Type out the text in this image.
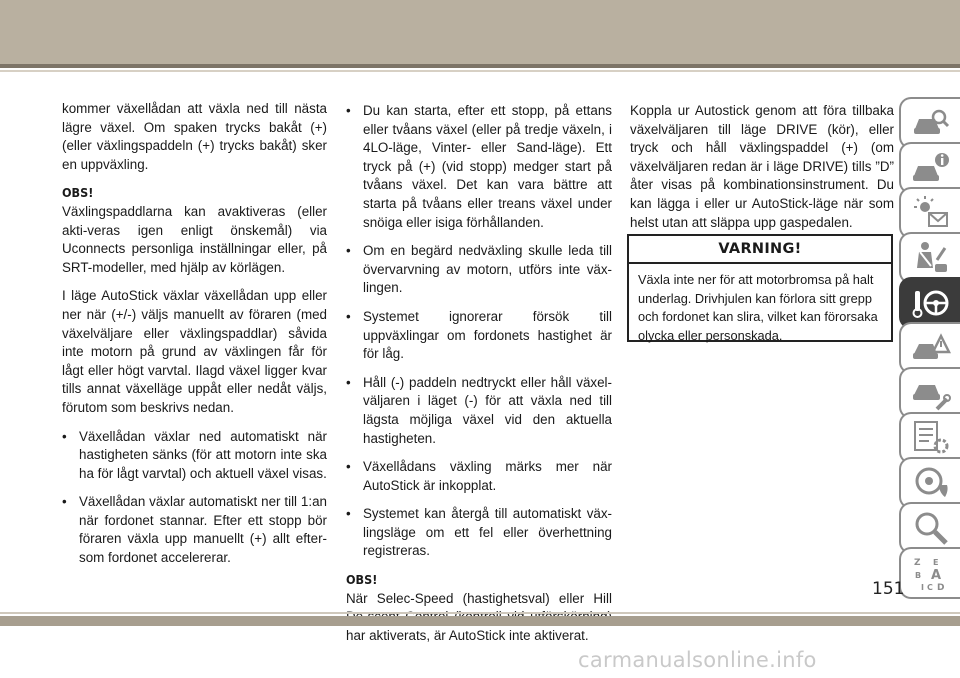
kommer växellådan att växla ned till nästa lägre växel. Om spaken trycks bakåt (+) (eller växlingspaddeln (+) trycks bakåt) sker en uppväxling.

OBS!

Växlingspaddlarna kan avaktiveras (eller akti-veras igen enligt önskemål) via Uconnects personliga inställningar eller, på SRT-modeller, med hjälp av körlägen.

I läge AutoStick växlar växellådan upp eller ner när (+/-) väljs manuellt av föraren (med växelväljare eller växlingspaddlar) såvida inte motorn på grund av växlingen får för lågt eller högt varvtal. Ilagd växel ligger kvar tills annat växelläge uppåt eller nedåt väljs, förutom som beskrivs nedan.

• Växellådan växlar ned automatiskt när hastigheten sänks (för att motorn inte ska ha för lågt varvtal) och aktuell växel visas.
• Växellådan växlar automatiskt ner till 1:an när fordonet stannar. Efter ett stopp bör föraren växla upp manuellt (+) allt efter-som fordonet accelererar.
• Du kan starta, efter ett stopp, på ettans eller tvåans växel (eller på tredje växeln, i 4LO-läge, Vinter- eller Sand-läge). Ett tryck på (+) (vid stopp) medger start på tvåans växel. Det kan vara bättre att starta på tvåans eller treans växel under snöiga eller isiga förhållanden.
• Om en begärd nedväxling skulle leda till övervarvning av motorn, utförs inte väx-lingen.
• Systemet ignorerar försök till uppväxlingar om fordonets hastighet är för låg.
• Håll (-) paddeln nedtryckt eller håll växel-väljaren i läget (-) för att växla ned till lägsta möjliga växel vid den aktuella hastigheten.
• Växellådans växling märks mer när AutoStick är inkopplat.
• Systemet kan återgå till automatiskt väx-lingsläge om ett fel eller överhettning registreras.
OBS!

När Selec-Speed (hastighetsval) eller Hill har aktiverats, är AutoStick inte aktiverat.

Koppla ur Autostick genom att föra tillbaka växelväljaren till läge DRIVE (kör), eller tryck och håll växlingspaddel (+) (om växelväljaren redan är i läge DRIVE) tills ”D” åter visas på kombinationsinstrument. Du kan lägga i eller ur AutoStick-läge när som helst utan att släppa upp gaspedalen.

VARNING!
Växla inte ner för att motorbromsa på halt underlag. Drivhjulen kan förlora sitt grepp och fordonet kan slira, vilket kan förorsaka olycka eller personskada.
Z E
B A
I C D
151
carmanualsonline.info
